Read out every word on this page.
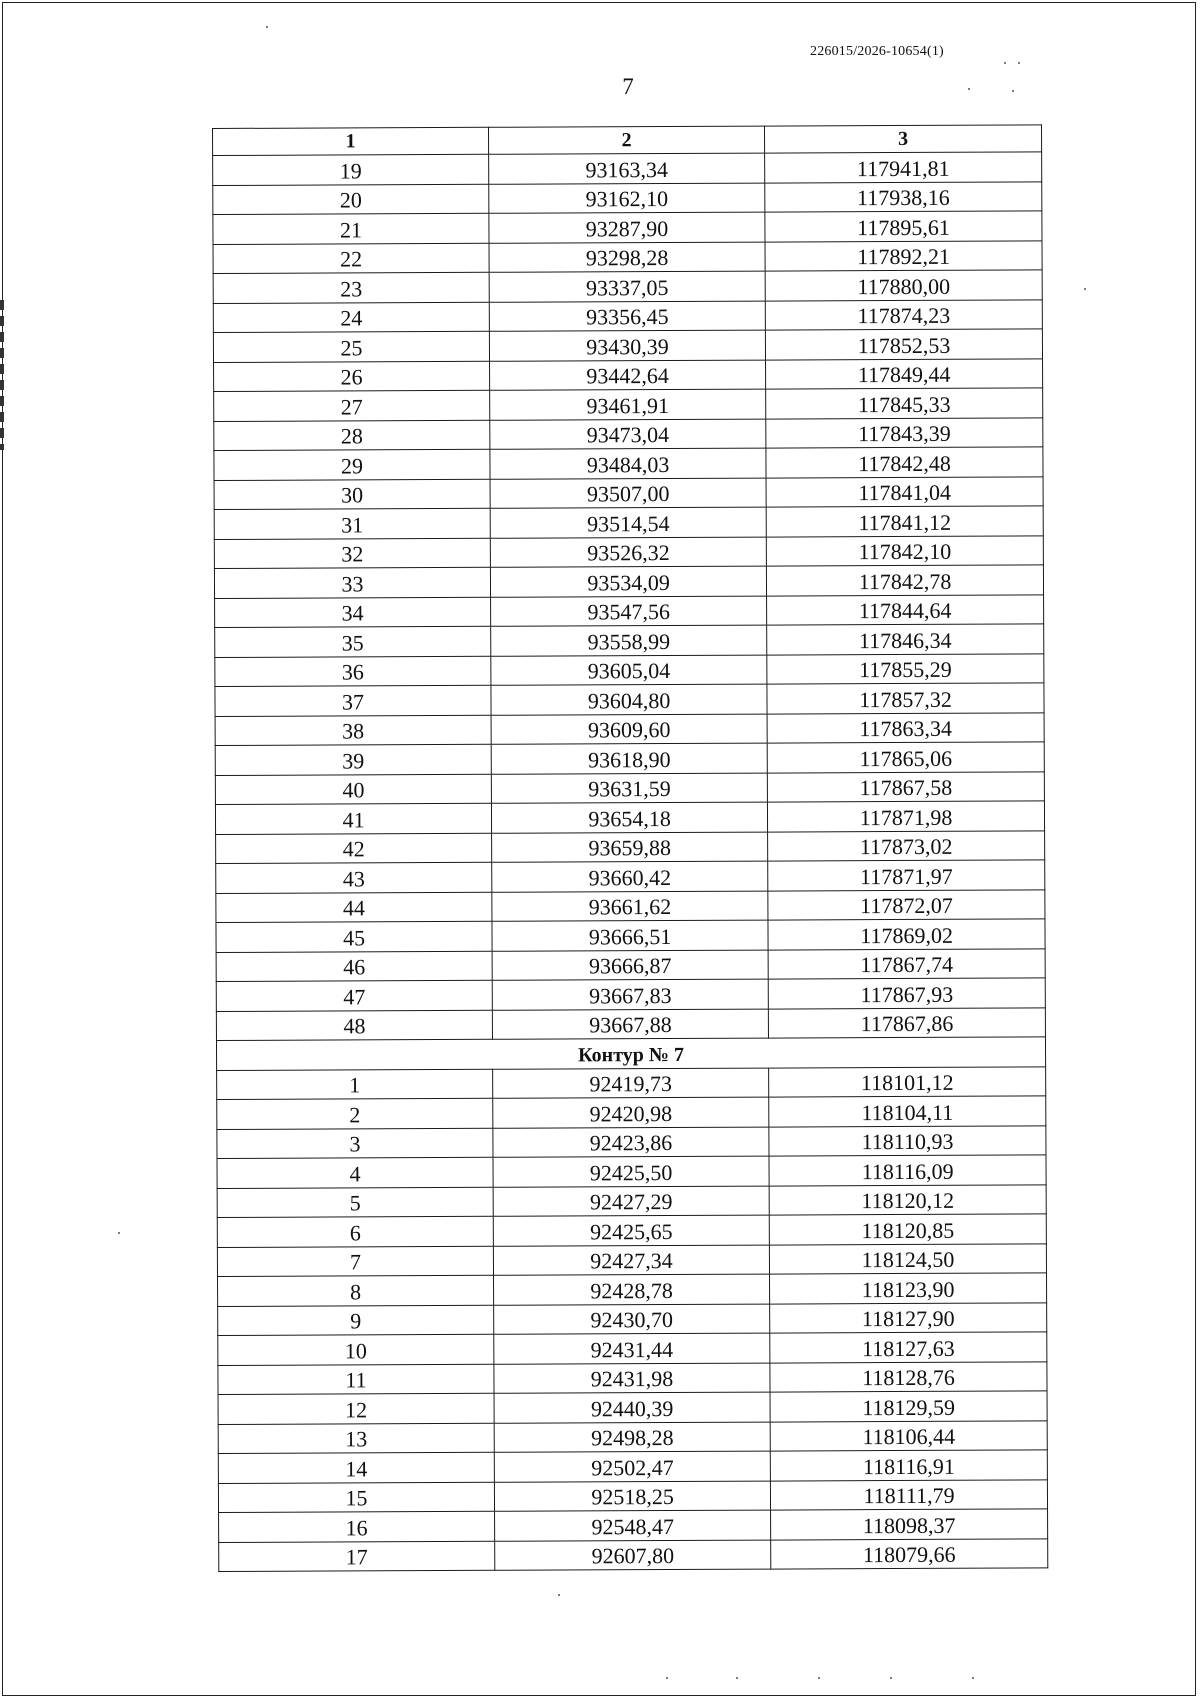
226015/2026-10654(1)
7
1	2	3
19	93163,34	117941,81
20	93162,10	117938,16
21	93287,90	117895,61
22	93298,28	117892,21
23	93337,05	117880,00
24	93356,45	117874,23
25	93430,39	117852,53
26	93442,64	117849,44
27	93461,91	117845,33
28	93473,04	117843,39
29	93484,03	117842,48
30	93507,00	117841,04
31	93514,54	117841,12
32	93526,32	117842,10
33	93534,09	117842,78
34	93547,56	117844,64
35	93558,99	117846,34
36	93605,04	117855,29
37	93604,80	117857,32
38	93609,60	117863,34
39	93618,90	117865,06
40	93631,59	117867,58
41	93654,18	117871,98
42	93659,88	117873,02
43	93660,42	117871,97
44	93661,62	117872,07
45	93666,51	117869,02
46	93666,87	117867,74
47	93667,83	117867,93
48	93667,88	117867,86
Контур № 7		
1	92419,73	118101,12
2	92420,98	118104,11
3	92423,86	118110,93
4	92425,50	118116,09
5	92427,29	118120,12
6	92425,65	118120,85
7	92427,34	118124,50
8	92428,78	118123,90
9	92430,70	118127,90
10	92431,44	118127,63
11	92431,98	118128,76
12	92440,39	118129,59
13	92498,28	118106,44
14	92502,47	118116,91
15	92518,25	118111,79
16	92548,47	118098,37
17	92607,80	118079,66
